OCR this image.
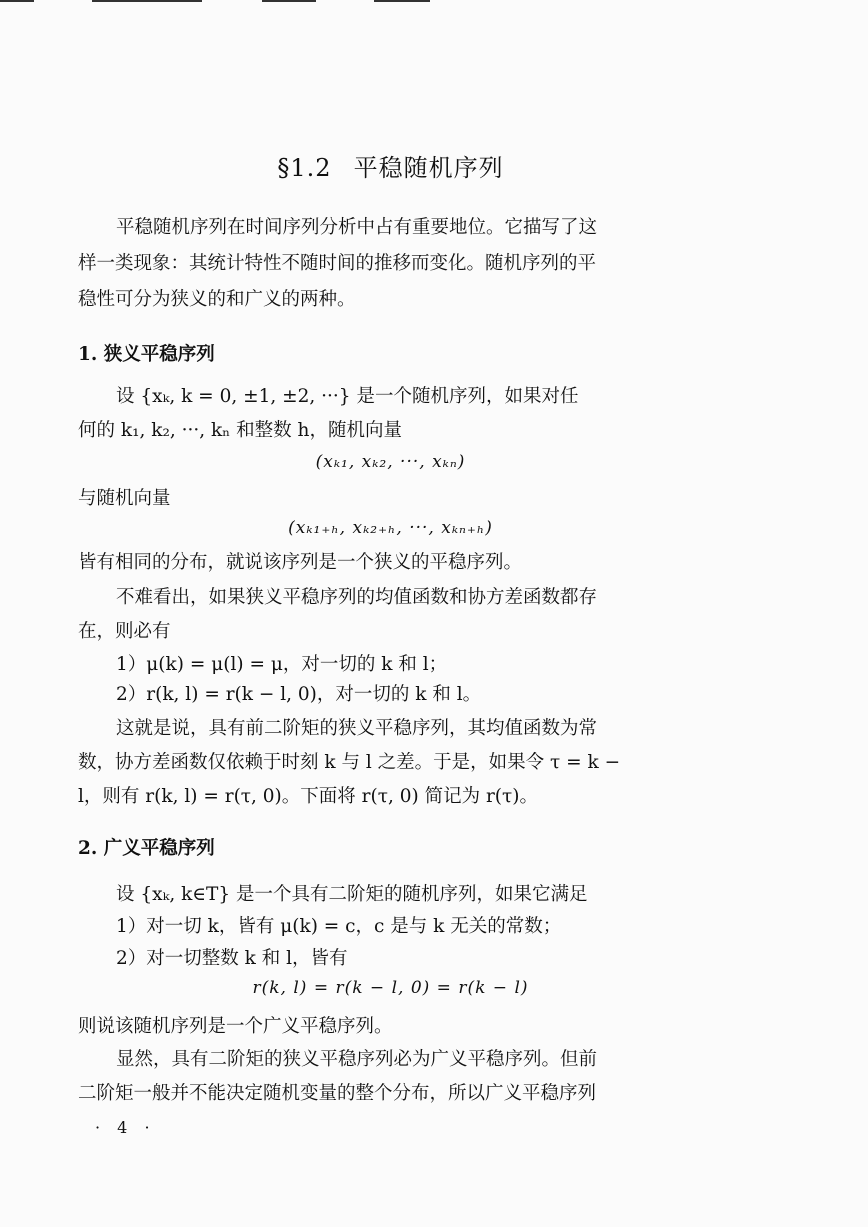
§1.2 平稳随机序列
平稳随机序列在时间序列分析中占有重要地位。它描写了这
样一类现象：其统计特性不随时间的推移而变化。随机序列的平
稳性可分为狭义的和广义的两种。
1. 狭义平稳序列
设 {xₖ, k = 0, ±1, ±2, ···} 是一个随机序列，如果对任
何的 k₁, k₂, ···, kₙ 和整数 h，随机向量
(xₖ₁, xₖ₂, ···, xₖₙ)
与随机向量
(xₖ₁₊ₕ, xₖ₂₊ₕ, ···, xₖₙ₊ₕ)
皆有相同的分布，就说该序列是一个狭义的平稳序列。
不难看出，如果狭义平稳序列的均值函数和协方差函数都存
在，则必有
1）μ(k) = μ(l) = μ，对一切的 k 和 l；
2）r(k, l) = r(k − l, 0)，对一切的 k 和 l。
这就是说，具有前二阶矩的狭义平稳序列，其均值函数为常
数，协方差函数仅依赖于时刻 k 与 l 之差。于是，如果令 τ = k −
l，则有 r(k, l) = r(τ, 0)。下面将 r(τ, 0) 简记为 r(τ)。
2. 广义平稳序列
设 {xₖ, k∈T} 是一个具有二阶矩的随机序列，如果它满足
1）对一切 k，皆有 μ(k) = c，c 是与 k 无关的常数；
2）对一切整数 k 和 l，皆有
r(k, l) = r(k − l, 0) = r(k − l)
则说该随机序列是一个广义平稳序列。
显然，具有二阶矩的狭义平稳序列必为广义平稳序列。但前
二阶矩一般并不能决定随机变量的整个分布，所以广义平稳序列
· 4 ·
